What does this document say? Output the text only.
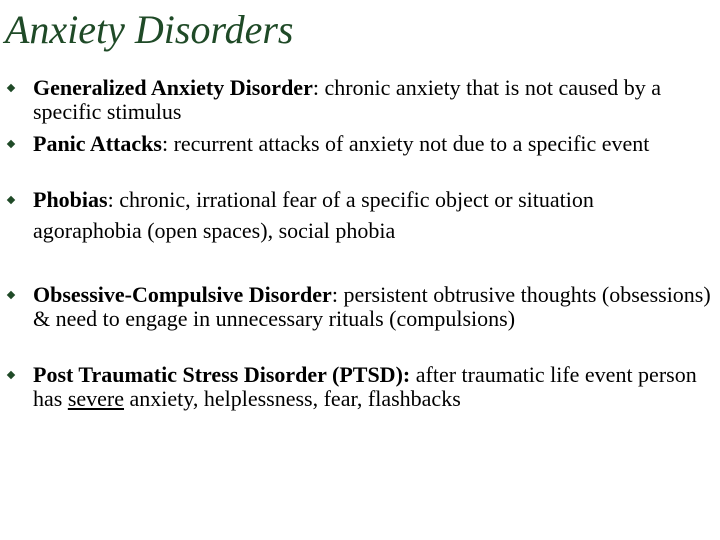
Anxiety Disorders
Generalized Anxiety Disorder: chronic anxiety that is not caused by a specific stimulus
Panic Attacks: recurrent attacks of anxiety not due to a specific event
Phobias: chronic, irrational fear of a specific object or situation
agoraphobia (open spaces), social phobia
Obsessive-Compulsive Disorder: persistent obtrusive thoughts (obsessions) & need to engage in unnecessary rituals (compulsions)
Post Traumatic Stress Disorder (PTSD): after traumatic life event person has severe anxiety, helplessness, fear, flashbacks
